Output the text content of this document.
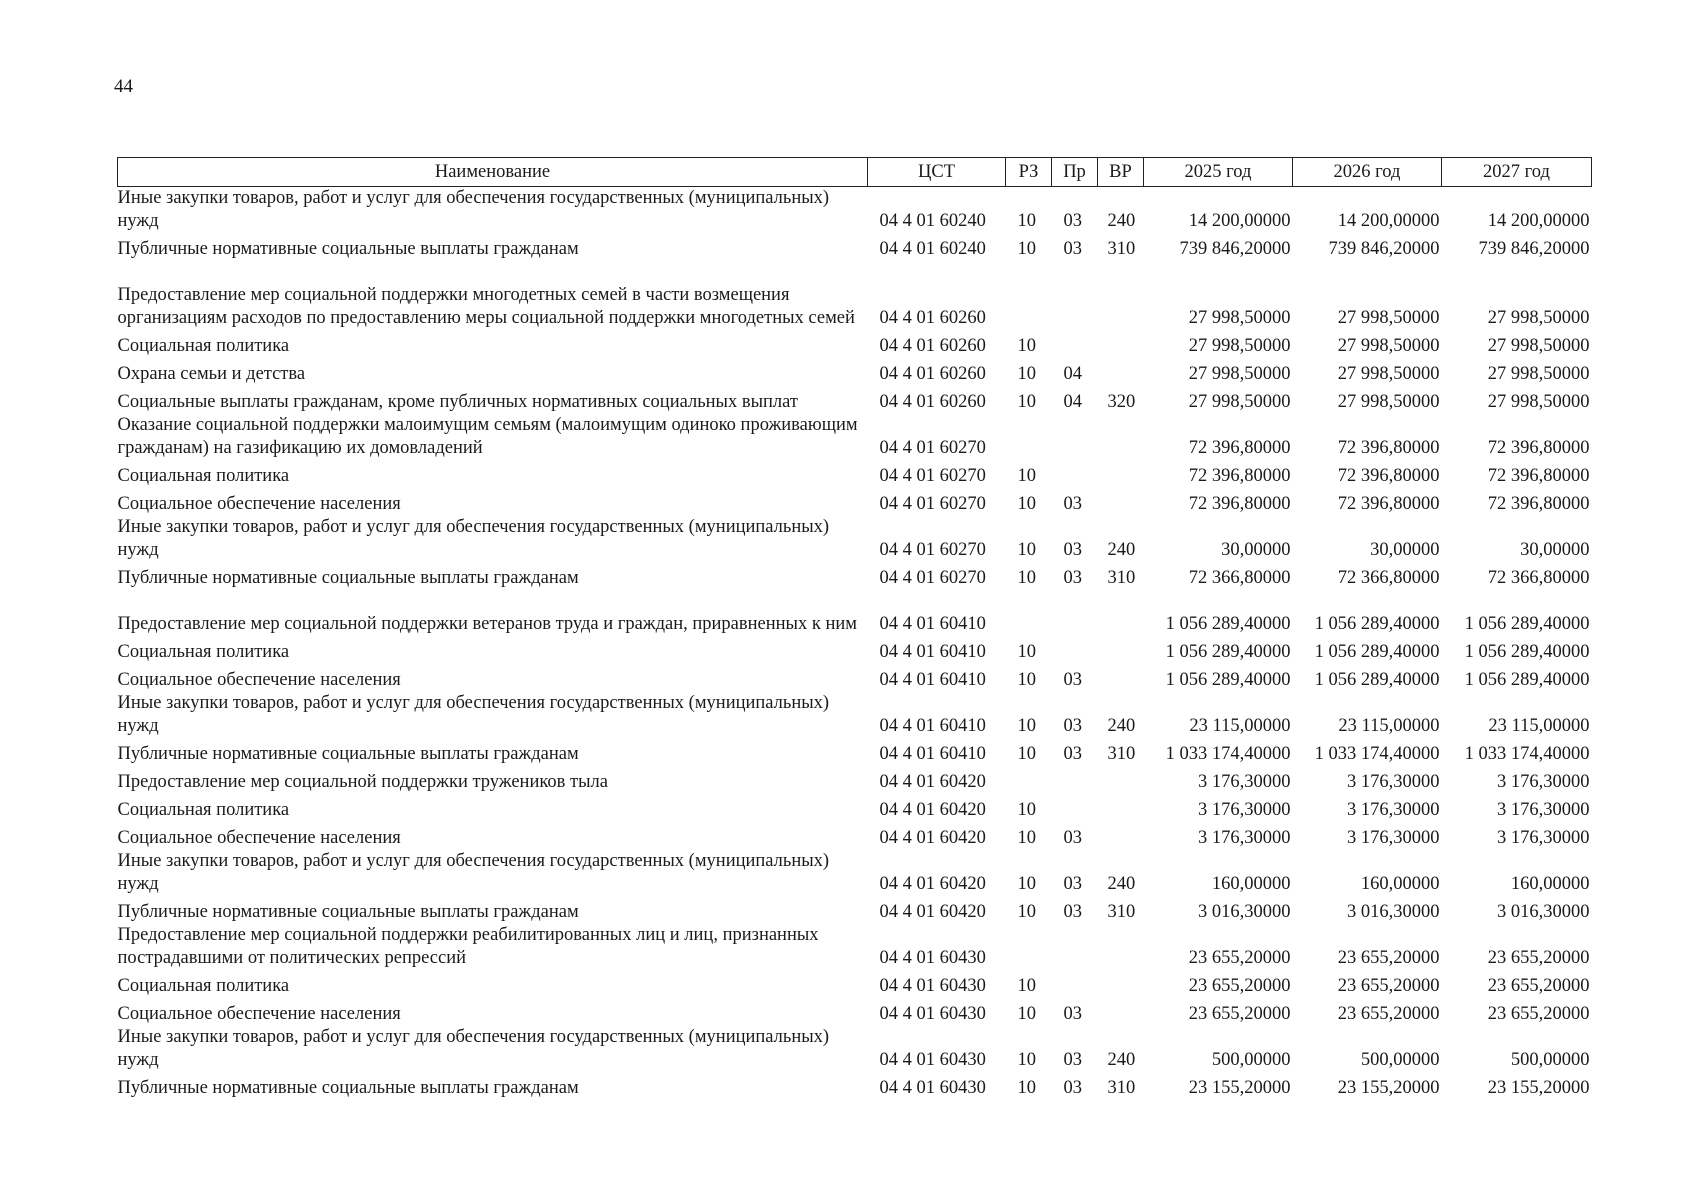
44
Наименование	ЦСТ	РЗ	Пр	ВР	2025 год	2026 год	2027 год
Иные закупки товаров, работ и услуг для обеспечения государственных (муниципальных) нужд	04 4 01 60240	10	03	240	14 200,00000	14 200,00000	14 200,00000
Публичные нормативные социальные выплаты гражданам	04 4 01 60240	10	03	310	739 846,20000	739 846,20000	739 846,20000
Предоставление мер социальной поддержки многодетных семей в части возмещения организациям расходов по предоставлению меры социальной поддержки многодетных семей	04 4 01 60260				27 998,50000	27 998,50000	27 998,50000
Социальная политика	04 4 01 60260	10			27 998,50000	27 998,50000	27 998,50000
Охрана семьи и детства	04 4 01 60260	10	04		27 998,50000	27 998,50000	27 998,50000
Социальные выплаты гражданам, кроме публичных нормативных социальных выплат	04 4 01 60260	10	04	320	27 998,50000	27 998,50000	27 998,50000
Оказание социальной поддержки малоимущим семьям (малоимущим одиноко проживающим гражданам) на газификацию их домовладений	04 4 01 60270				72 396,80000	72 396,80000	72 396,80000
Социальная политика	04 4 01 60270	10			72 396,80000	72 396,80000	72 396,80000
Социальное обеспечение населения	04 4 01 60270	10	03		72 396,80000	72 396,80000	72 396,80000
Иные закупки товаров, работ и услуг для обеспечения государственных (муниципальных) нужд	04 4 01 60270	10	03	240	30,00000	30,00000	30,00000
Публичные нормативные социальные выплаты гражданам	04 4 01 60270	10	03	310	72 366,80000	72 366,80000	72 366,80000
Предоставление мер социальной поддержки ветеранов труда и граждан, приравненных к ним	04 4 01 60410				1 056 289,40000	1 056 289,40000	1 056 289,40000
Социальная политика	04 4 01 60410	10			1 056 289,40000	1 056 289,40000	1 056 289,40000
Социальное обеспечение населения	04 4 01 60410	10	03		1 056 289,40000	1 056 289,40000	1 056 289,40000
Иные закупки товаров, работ и услуг для обеспечения государственных (муниципальных) нужд	04 4 01 60410	10	03	240	23 115,00000	23 115,00000	23 115,00000
Публичные нормативные социальные выплаты гражданам	04 4 01 60410	10	03	310	1 033 174,40000	1 033 174,40000	1 033 174,40000
Предоставление мер социальной поддержки тружеников тыла	04 4 01 60420				3 176,30000	3 176,30000	3 176,30000
Социальная политика	04 4 01 60420	10			3 176,30000	3 176,30000	3 176,30000
Социальное обеспечение населения	04 4 01 60420	10	03		3 176,30000	3 176,30000	3 176,30000
Иные закупки товаров, работ и услуг для обеспечения государственных (муниципальных) нужд	04 4 01 60420	10	03	240	160,00000	160,00000	160,00000
Публичные нормативные социальные выплаты гражданам	04 4 01 60420	10	03	310	3 016,30000	3 016,30000	3 016,30000
Предоставление мер социальной поддержки реабилитированных лиц и лиц, признанных пострадавшими от политических репрессий	04 4 01 60430				23 655,20000	23 655,20000	23 655,20000
Социальная политика	04 4 01 60430	10			23 655,20000	23 655,20000	23 655,20000
Социальное обеспечение населения	04 4 01 60430	10	03		23 655,20000	23 655,20000	23 655,20000
Иные закупки товаров, работ и услуг для обеспечения государственных (муниципальных) нужд	04 4 01 60430	10	03	240	500,00000	500,00000	500,00000
Публичные нормативные социальные выплаты гражданам	04 4 01 60430	10	03	310	23 155,20000	23 155,20000	23 155,20000
